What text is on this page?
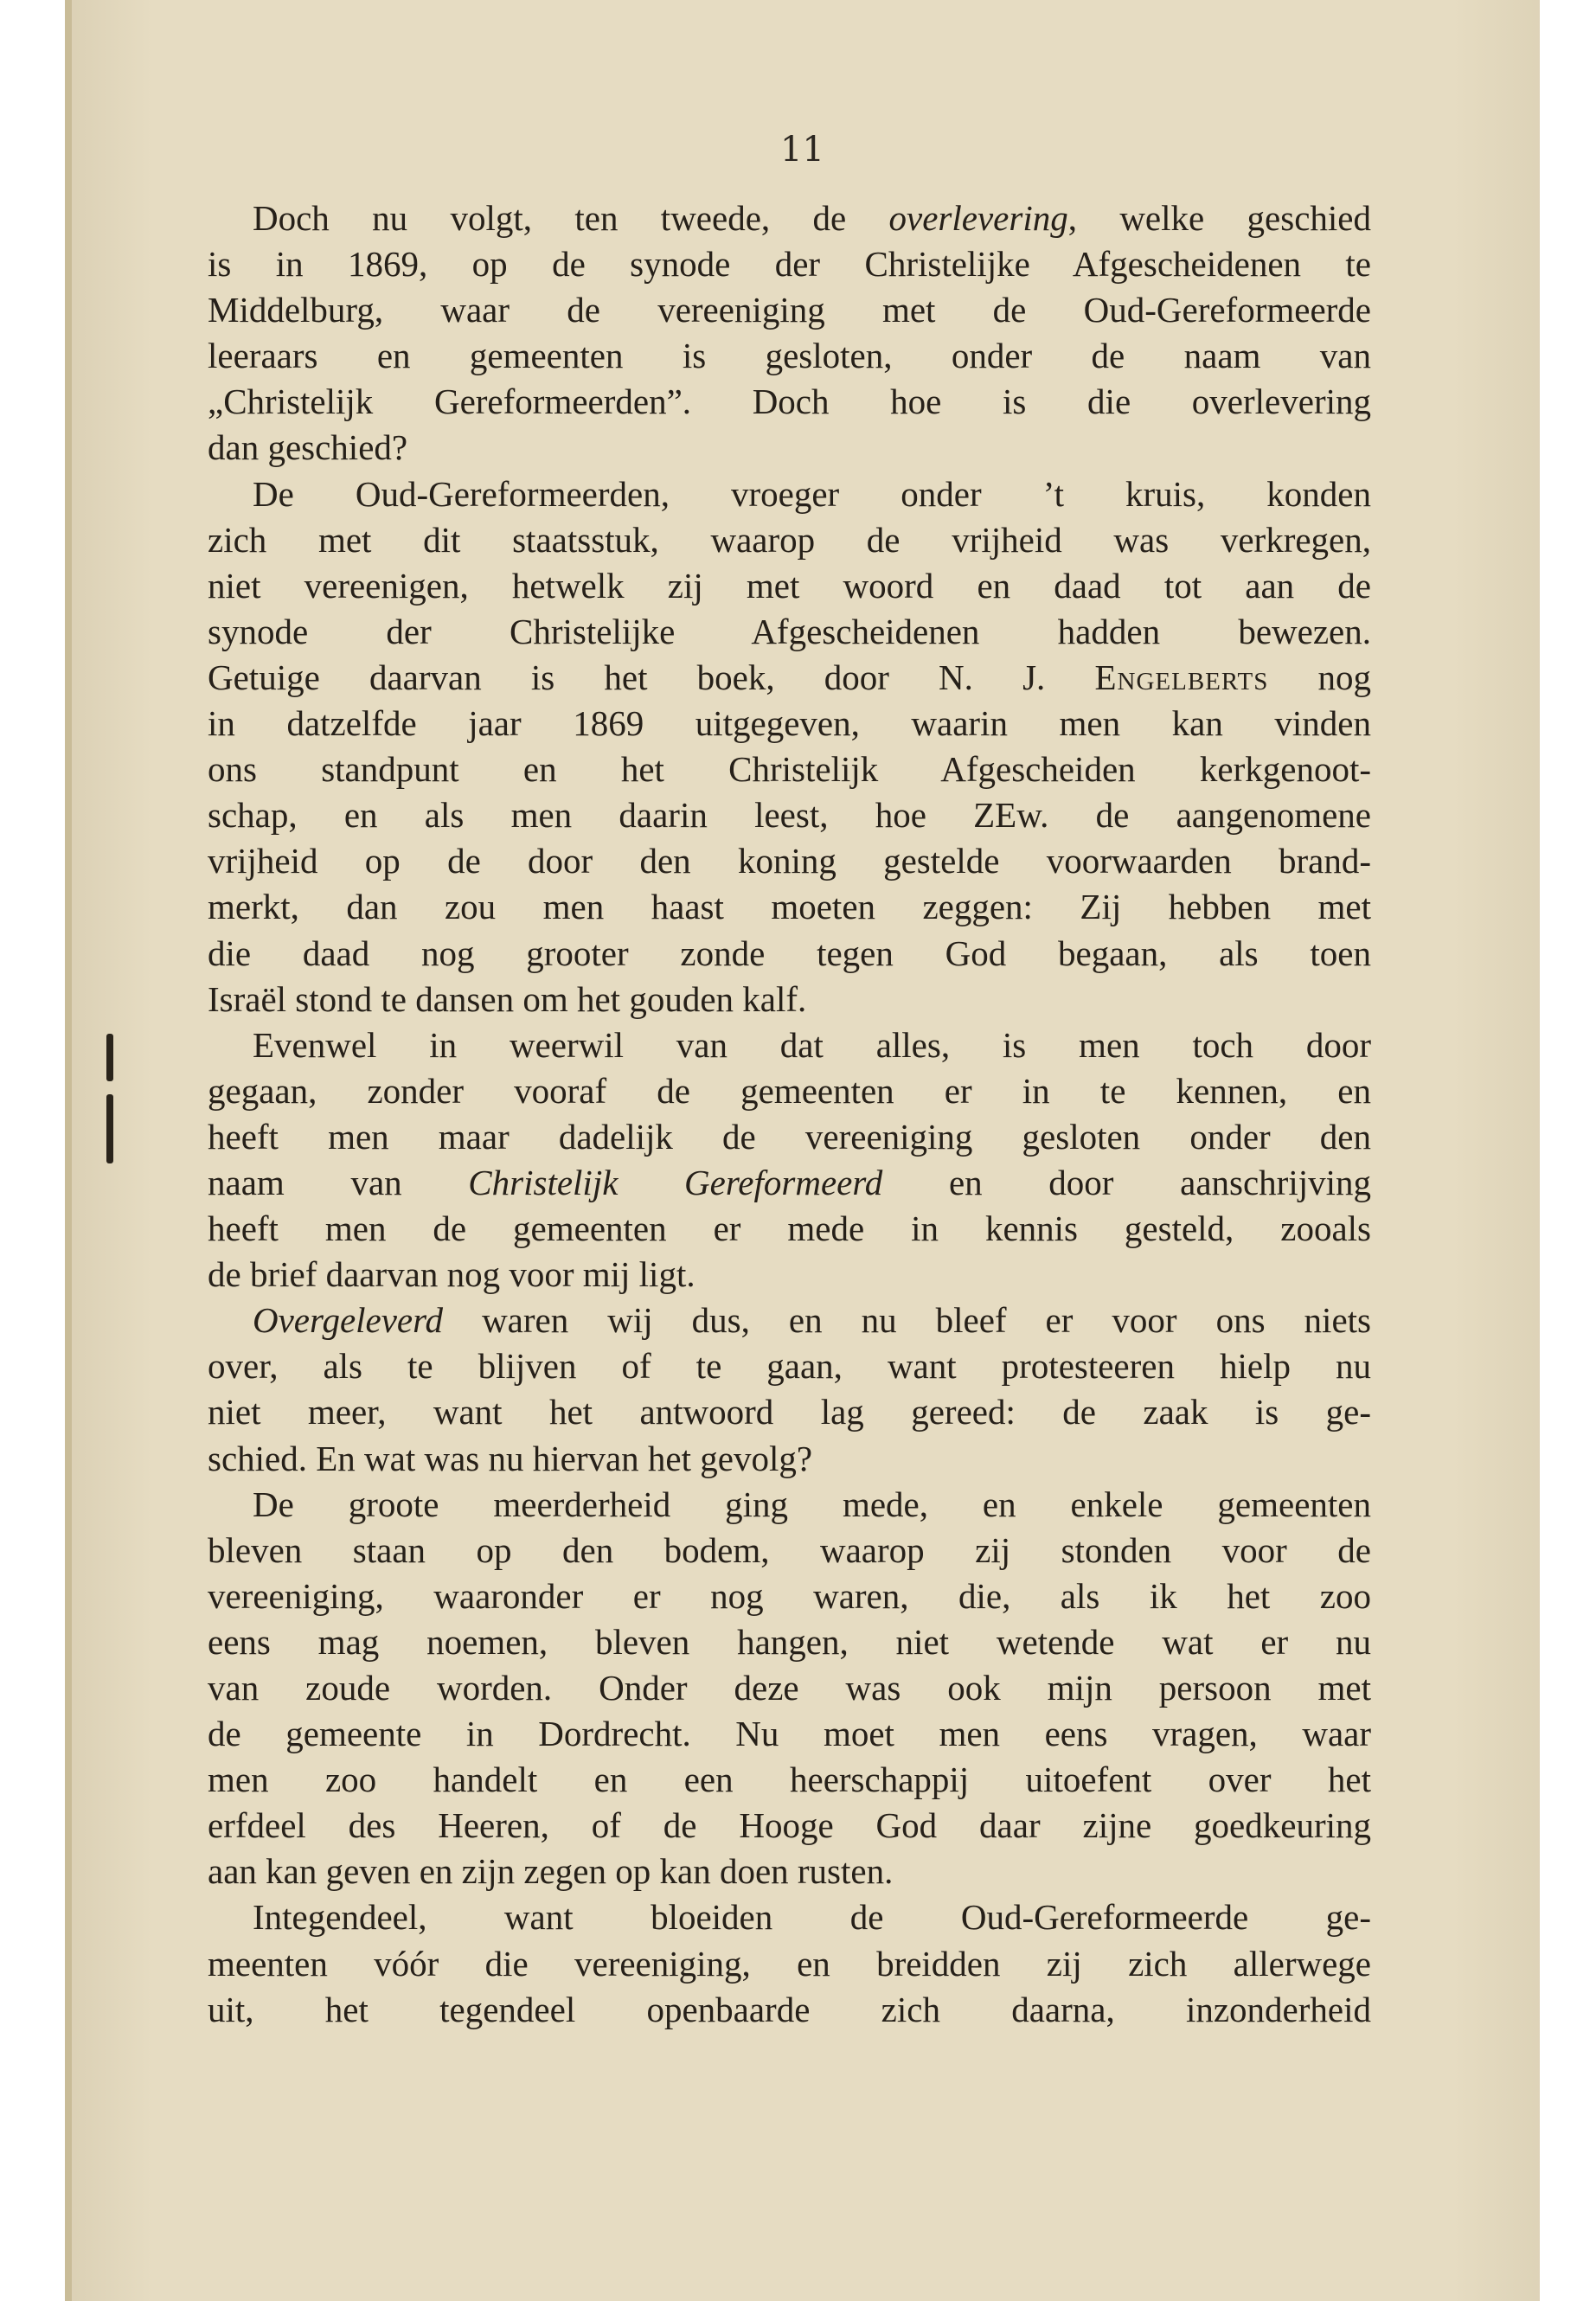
11
Doch nu volgt, ten tweede, de overlevering, welke geschied
is in 1869, op de synode der Christelijke Afgescheidenen te
Middelburg, waar de vereeniging met de Oud-Gereformeerde
leeraars en gemeenten is gesloten, onder de naam van
„Christelijk Gereformeerden”. Doch hoe is die overlevering
dan geschied?
De Oud-Gereformeerden, vroeger onder ’t kruis, konden
zich met dit staatsstuk, waarop de vrijheid was verkregen,
niet vereenigen, hetwelk zij met woord en daad tot aan de
synode der Christelijke Afgescheidenen hadden bewezen.
Getuige daarvan is het boek, door N. J. Engelberts nog
in datzelfde jaar 1869 uitgegeven, waarin men kan vinden
ons standpunt en het Christelijk Afgescheiden kerkgenoot-
schap, en als men daarin leest, hoe ZEw. de aangenomene
vrijheid op de door den koning gestelde voorwaarden brand-
merkt, dan zou men haast moeten zeggen: Zij hebben met
die daad nog grooter zonde tegen God begaan, als toen
Israël stond te dansen om het gouden kalf.
Evenwel in weerwil van dat alles, is men toch door
gegaan, zonder vooraf de gemeenten er in te kennen, en
heeft men maar dadelijk de vereeniging gesloten onder den
naam van Christelijk Gereformeerd en door aanschrijving
heeft men de gemeenten er mede in kennis gesteld, zooals
de brief daarvan nog voor mij ligt.
Overgeleverd waren wij dus, en nu bleef er voor ons niets
over, als te blijven of te gaan, want protesteeren hielp nu
niet meer, want het antwoord lag gereed: de zaak is ge-
schied. En wat was nu hiervan het gevolg?
De groote meerderheid ging mede, en enkele gemeenten
bleven staan op den bodem, waarop zij stonden voor de
vereeniging, waaronder er nog waren, die, als ik het zoo
eens mag noemen, bleven hangen, niet wetende wat er nu
van zoude worden. Onder deze was ook mijn persoon met
de gemeente in Dordrecht. Nu moet men eens vragen, waar
men zoo handelt en een heerschappij uitoefent over het
erfdeel des Heeren, of de Hooge God daar zijne goedkeuring
aan kan geven en zijn zegen op kan doen rusten.
Integendeel, want bloeiden de Oud-Gereformeerde ge-
meenten vóór die vereeniging, en breidden zij zich allerwege
uit, het tegendeel openbaarde zich daarna, inzonderheid
